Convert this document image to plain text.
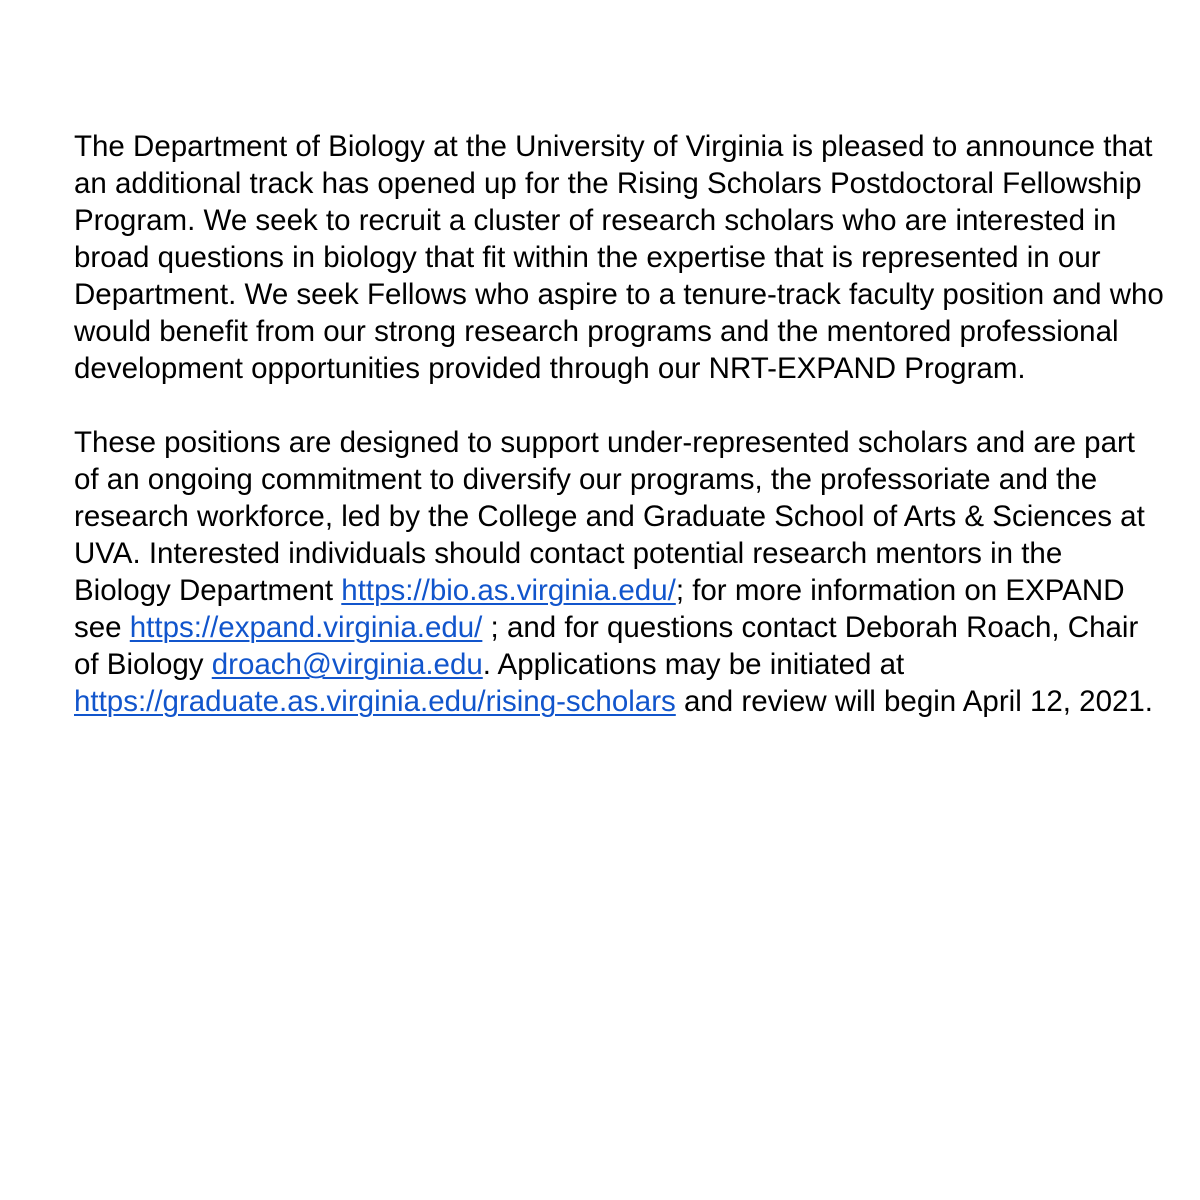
The Department of Biology at the University of Virginia is pleased to announce that an additional track has opened up for the Rising Scholars Postdoctoral Fellowship Program. We seek to recruit a cluster of research scholars who are interested in broad questions in biology that fit within the expertise that is represented in our Department. We seek Fellows who aspire to a tenure-track faculty position and who would benefit from our strong research programs and the mentored professional development opportunities provided through our NRT-EXPAND Program.

These positions are designed to support under-represented scholars and are part of an ongoing commitment to diversify our programs, the professoriate and the research workforce, led by the College and Graduate School of Arts & Sciences at UVA. Interested individuals should contact potential research mentors in the Biology Department https://bio.as.virginia.edu/; for more information on EXPAND see https://expand.virginia.edu/ ; and for questions contact Deborah Roach, Chair of Biology droach@virginia.edu. Applications may be initiated at https://graduate.as.virginia.edu/rising-scholars and review will begin April 12, 2021.
